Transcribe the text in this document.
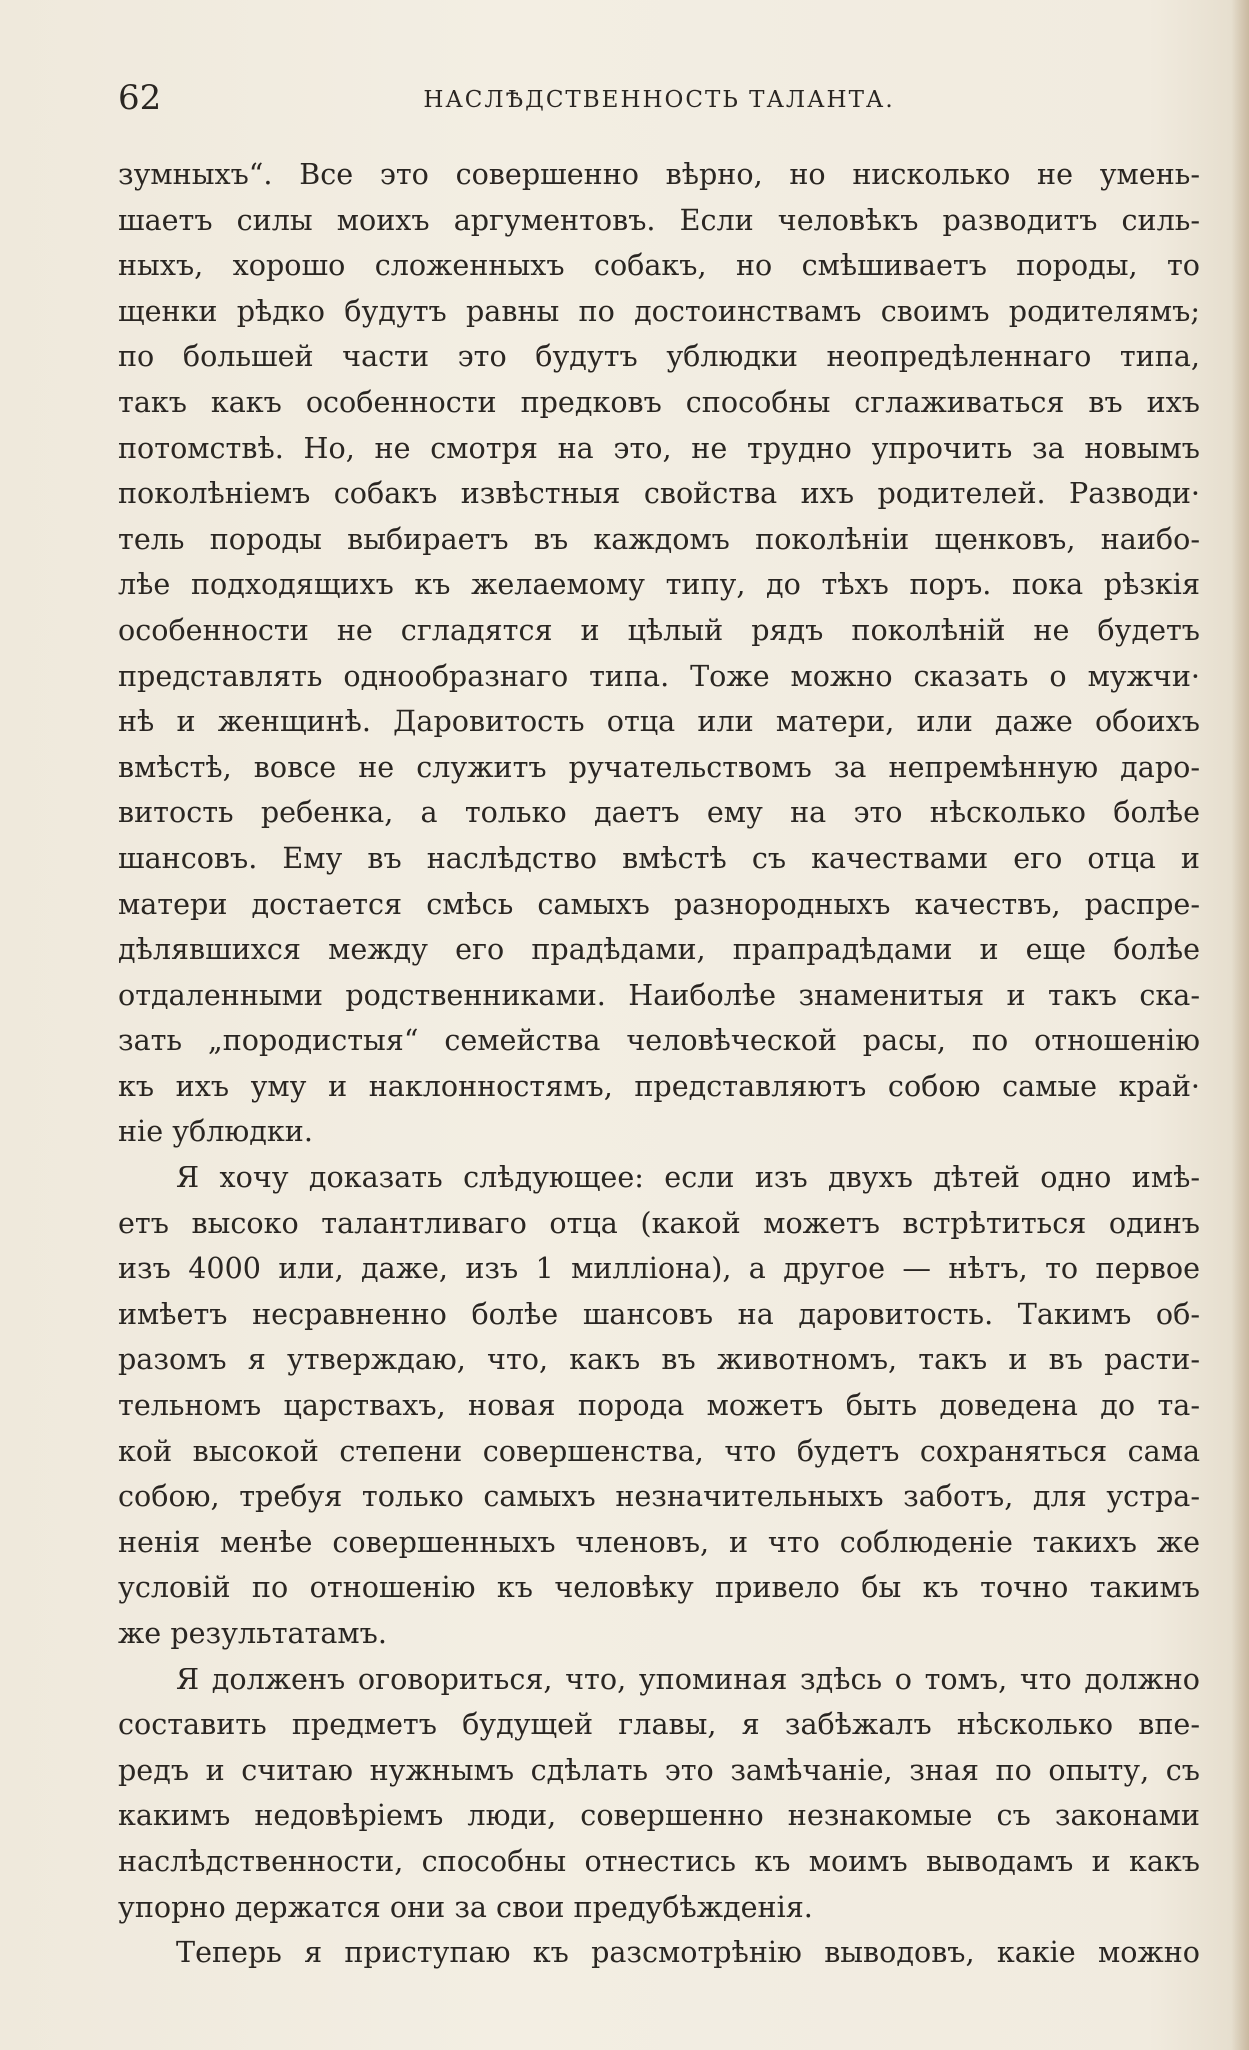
62	НАСЛѢДСТВЕННОСТЬ ТАЛАНТА.
зумныхъ“. Все это совершенно вѣрно, но нисколько не умень-
шаетъ силы моихъ аргументовъ. Если человѣкъ разводитъ силь-
ныхъ, хорошо сложенныхъ собакъ, но смѣшиваетъ породы, то
щенки рѣдко будутъ равны по достоинствамъ своимъ родителямъ;
по большей части это будутъ ублюдки неопредѣленнаго типа,
такъ какъ особенности предковъ способны сглаживаться въ ихъ
потомствѣ. Но, не смотря на это, не трудно упрочить за новымъ
поколѣніемъ собакъ извѣстныя свойства ихъ родителей. Разводи·
тель породы выбираетъ въ каждомъ поколѣніи щенковъ, наибо-
лѣе подходящихъ къ желаемому типу, до тѣхъ поръ. пока рѣзкія
особенности не сгладятся и цѣлый рядъ поколѣній не будетъ
представлять однообразнаго типа. Тоже можно сказать о мужчи·
нѣ и женщинѣ. Даровитость отца или матери, или даже обоихъ
вмѣстѣ, вовсе не служитъ ручательствомъ за непремѣнную даро-
витость ребенка, а только даетъ ему на это нѣсколько болѣе
шансовъ. Ему въ наслѣдство вмѣстѣ съ качествами его отца и
матери достается смѣсь самыхъ разнородныхъ качествъ, распре-
дѣлявшихся между его прадѣдами, прапрадѣдами и еще болѣе
отдаленными родственниками. Наиболѣе знаменитыя и такъ ска-
зать „породистыя“ семейства человѣческой расы, по отношенію
къ ихъ уму и наклонностямъ, представляютъ собою самые край·
ніе ублюдки.
Я хочу доказать слѣдующее: если изъ двухъ дѣтей одно имѣ-
етъ высоко талантливаго отца (какой можетъ встрѣтиться одинъ
изъ 4000 или, даже, изъ 1 милліона), а другое — нѣтъ, то первое
имѣетъ несравненно болѣе шансовъ на даровитость. Такимъ об-
разомъ я утверждаю, что, какъ въ животномъ, такъ и въ расти-
тельномъ царствахъ, новая порода можетъ быть доведена до та-
кой высокой степени совершенства, что будетъ сохраняться сама
собою, требуя только самыхъ незначительныхъ заботъ, для устра-
ненія менѣе совершенныхъ членовъ, и что соблюденіе такихъ же
условій по отношенію къ человѣку привело бы къ точно такимъ
же результатамъ.
Я долженъ оговориться, что, упоминая здѣсь о томъ, что должно
составить предметъ будущей главы, я забѣжалъ нѣсколько впе-
редъ и считаю нужнымъ сдѣлать это замѣчаніе, зная по опыту, съ
какимъ недовѣріемъ люди, совершенно незнакомые съ законами
наслѣдственности, способны отнестись къ моимъ выводамъ и какъ
упорно держатся они за свои предубѣжденія.
Теперь я приступаю къ разсмотрѣнію выводовъ, какіе можно
